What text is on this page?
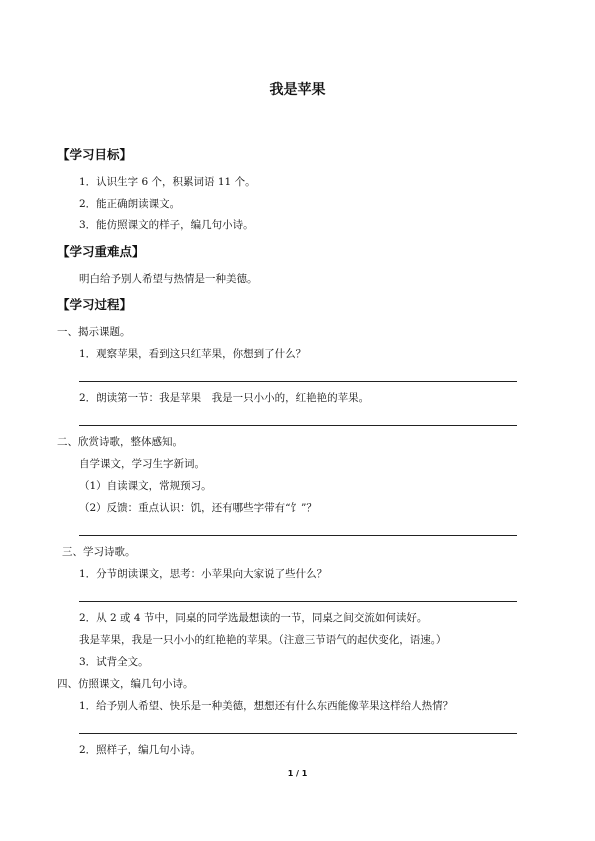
我是苹果
【学习目标】
1．认识生字 6 个，积累词语 11 个。
2．能正确朗读课文。
3．能仿照课文的样子，编几句小诗。
【学习重难点】
明白给予别人希望与热情是一种美德。
【学习过程】
一、揭示课题。
1．观察苹果，看到这只红苹果，你想到了什么？
2．朗读第一节：我是苹果　我是一只小小的，红艳艳的苹果。
二、欣赏诗歌，整体感知。
自学课文，学习生字新词。
（1）自读课文，常规预习。
（2）反馈：重点认识：饥，还有哪些字带有“饣”？
三、学习诗歌。
1．分节朗读课文，思考：小苹果向大家说了些什么？
2．从 2 或 4 节中，同桌的同学选最想读的一节，同桌之间交流如何读好。
我是苹果，我是一只小小的红艳艳的苹果。（注意三节语气的起伏变化，语速。）
3．试背全文。
四、仿照课文，编几句小诗。
1．给予别人希望、快乐是一种美德，想想还有什么东西能像苹果这样给人热情？
2．照样子，编几句小诗。
1 / 1
